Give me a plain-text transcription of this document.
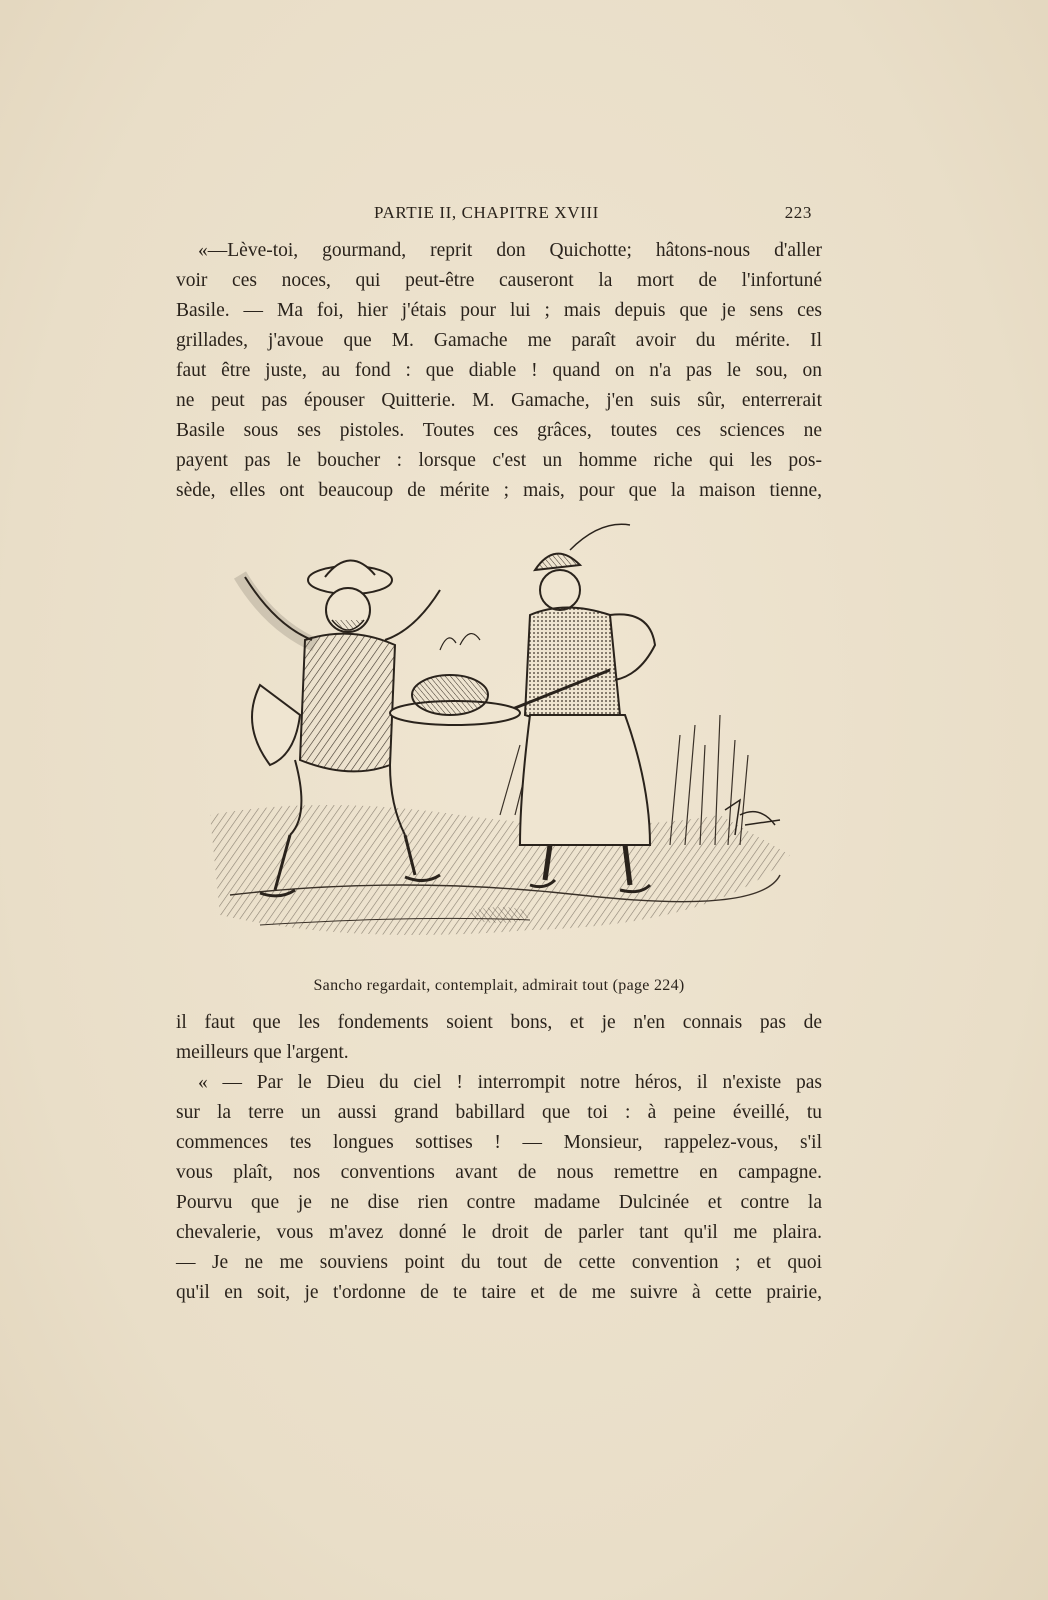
PARTIE II, CHAPITRE XVIII	223
«—Lève-toi, gourmand, reprit don Quichotte; hâtons-nous d'aller
voir ces noces, qui peut-être causeront la mort de l'infortuné
Basile. — Ma foi, hier j'étais pour lui ; mais depuis que je sens ces
grillades, j'avoue que M. Gamache me paraît avoir du mérite. Il
faut être juste, au fond : que diable ! quand on n'a pas le sou, on
ne peut pas épouser Quitterie. M. Gamache, j'en suis sûr, enterrerait
Basile sous ses pistoles. Toutes ces grâces, toutes ces sciences ne
payent pas le boucher : lorsque c'est un homme riche qui les pos-
sède, elles ont beaucoup de mérite ; mais, pour que la maison tienne,
Sancho regardait, contemplait, admirait tout (page 224)
il faut que les fondements soient bons, et je n'en connais pas de
meilleurs que l'argent.
« — Par le Dieu du ciel ! interrompit notre héros, il n'existe pas
sur la terre un aussi grand babillard que toi : à peine éveillé, tu
commences tes longues sottises ! — Monsieur, rappelez-vous, s'il
vous plaît, nos conventions avant de nous remettre en campagne.
Pourvu que je ne dise rien contre madame Dulcinée et contre la
chevalerie, vous m'avez donné le droit de parler tant qu'il me plaira.
— Je ne me souviens point du tout de cette convention ; et quoi
qu'il en soit, je t'ordonne de te taire et de me suivre à cette prairie,
